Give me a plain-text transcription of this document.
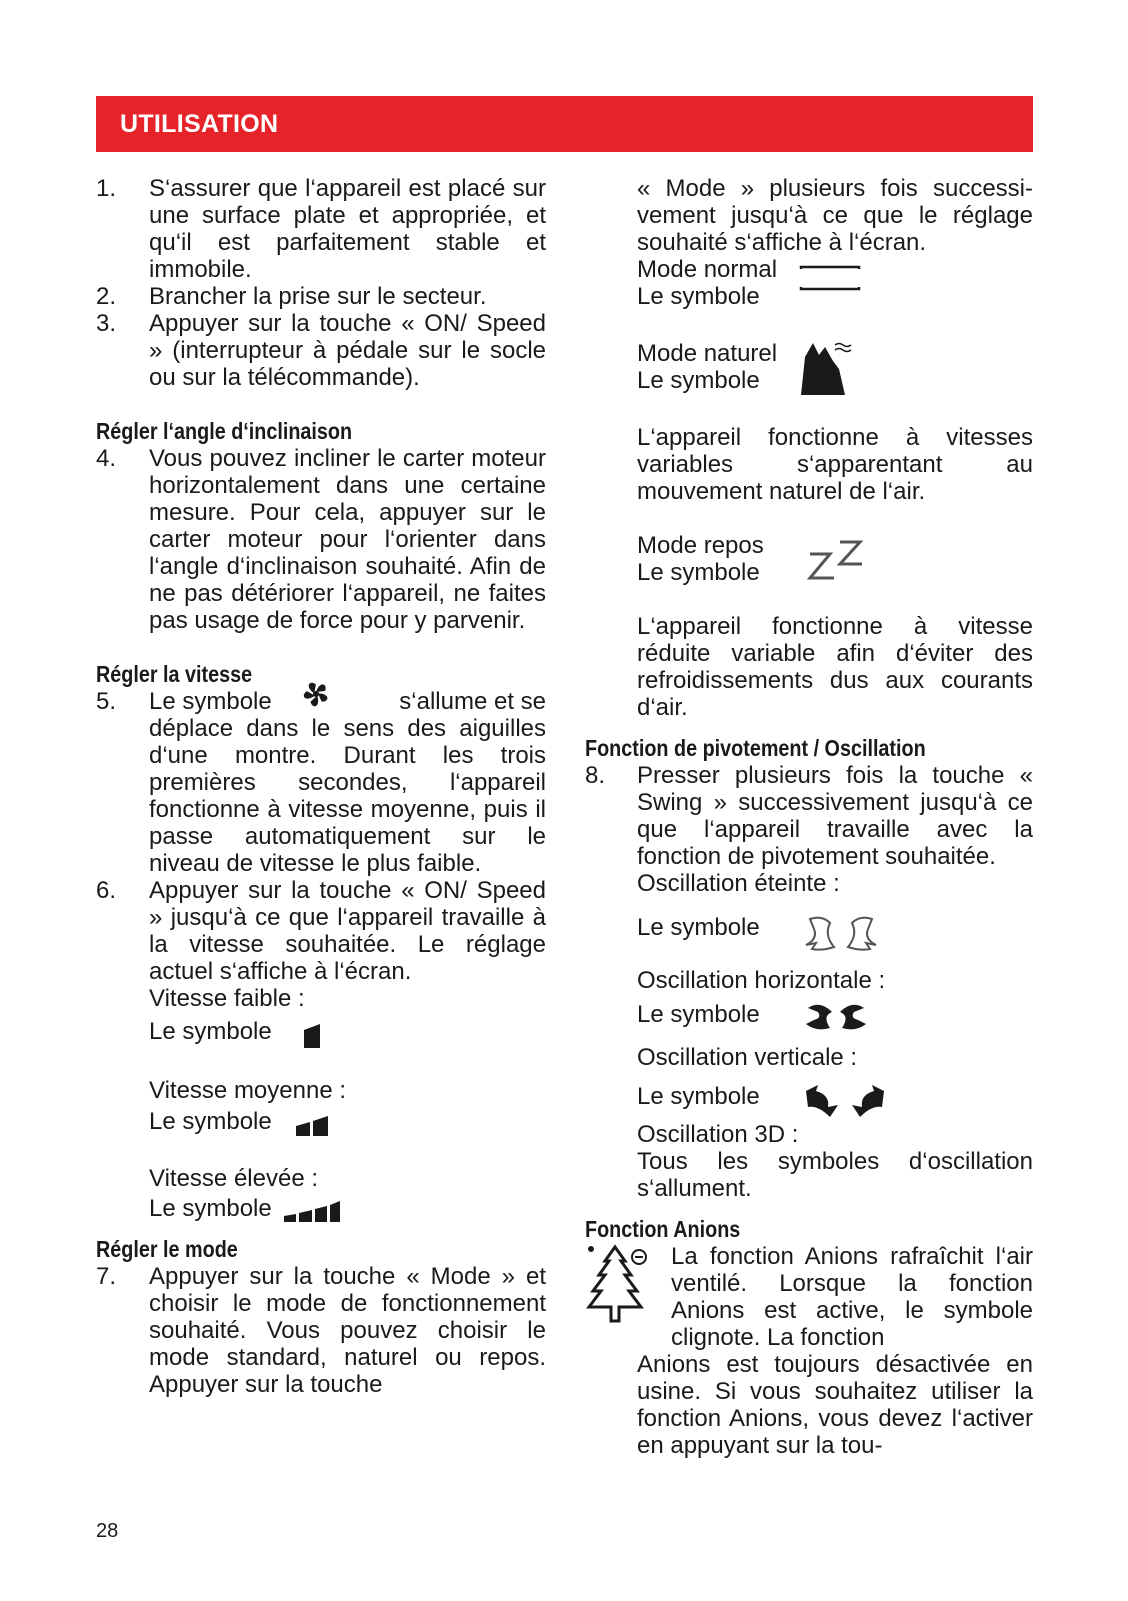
UTILISATION
1. S‘assurer que l‘appareil est placé sur une surface plate et appropriée, et qu‘il est parfaitement stable et immobile.
2. Brancher la prise sur le secteur.
3. Appuyer sur la touche « ON/ Speed » (interrupteur à pédale sur le socle ou sur la télécommande).
Régler l‘angle d‘inclinaison
4. Vous pouvez incliner le carter moteur horizontalement dans une certaine mesure. Pour cela, appuyer sur le carter moteur pour l‘orienter dans l‘angle d‘inclinaison souhaité. Afin de ne pas détériorer l‘appareil, ne faites pas usage de force pour y parvenir.
Régler la vitesse
5. Le symbole	s‘allume et se
déplace dans le sens des aiguilles d‘une montre. Durant les trois premières secondes, l‘appareil fonctionne à vitesse moyenne, puis il passe automatiquement sur le niveau de vitesse le plus faible.
6. Appuyer sur la touche « ON/ Speed » jusqu‘à ce que l‘appareil travaille à la vitesse souhaitée. Le réglage actuel s‘affiche à l‘écran.
Vitesse faible :
Le symbole
Vitesse moyenne :
Le symbole
Vitesse élevée :
Le symbole
Régler le mode
7. Appuyer sur la touche « Mode » et choisir le mode de fonctionnement souhaité. Vous pouvez choisir le mode standard, naturel ou repos. Appuyer sur la touche
« Mode » plusieurs fois successivement jusqu‘à ce que le réglage souhaité s‘affiche à l‘écran.
Mode normal
Le symbole
Mode naturel
Le symbole
L‘appareil fonctionne à vitesses variables s‘apparentant au mouvement naturel de l‘air.
Mode repos
Le symbole
L‘appareil fonctionne à vitesse réduite variable afin d‘éviter des refroidissements dus aux courants d‘air.
Fonction de pivotement / Oscillation
8. Presser plusieurs fois la touche « Swing » successivement jusqu‘à ce que l‘appareil travaille avec la fonction de pivotement souhaitée.
Oscillation éteinte :
Le symbole
Oscillation horizontale :
Le symbole
Oscillation verticale :
Le symbole
Oscillation 3D :
Tous les symboles d‘oscillation s‘allument.
Fonction Anions
La fonction Anions rafraîchit l‘air ventilé. Lorsque la fonction Anions est active, le symbole clignote. La fonction
Anions est toujours désactivée en usine. Si vous souhaitez utiliser la fonction Anions, vous devez l‘activer en appuyant sur la tou-
28
